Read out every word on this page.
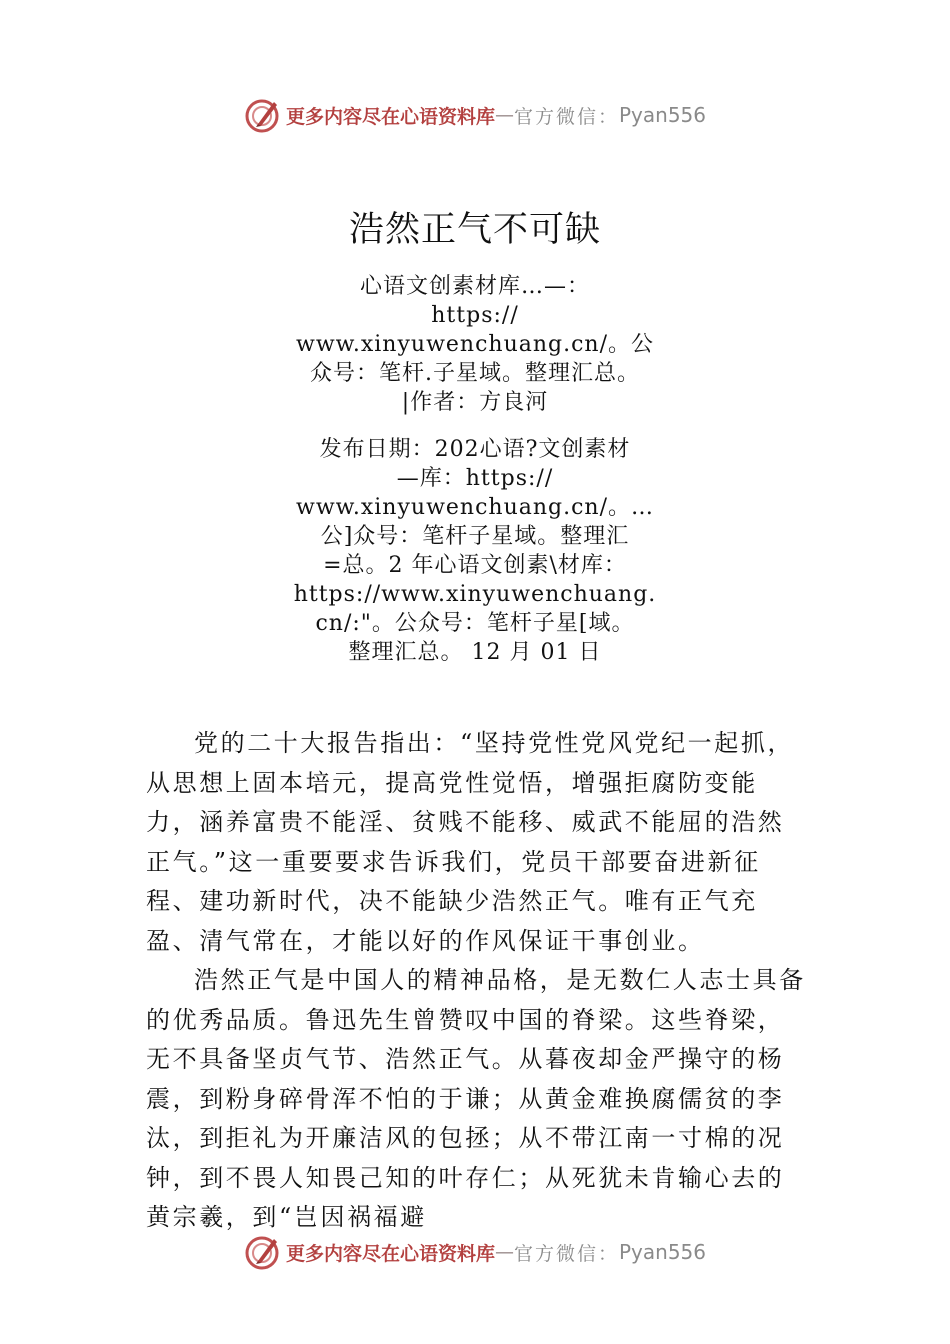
更多内容尽在心语资料库 — 官方微信： Pyan556
浩然正气不可缺
心语文创素材库…—：
https://
www.xinyuwenchuang.cn/。公
众号：笔杆.子星域。整理汇总。
|作者：方良河
发布日期：202心语?文创素材
—库：https://
www.xinyuwenchuang.cn/。…
公]众号：笔杆子星域。整理汇
=总。2 年心语文创素\材库：
https://www.xinyuwenchuang.
cn/:"。公众号：笔杆子星[域。
整理汇总。 12 月 01 日

党的二十大报告指出：“坚持党性党风党纪一起抓，从思想上固本培元，提高党性觉悟，增强拒腐防变能力，涵养富贵不能淫、贫贱不能移、威武不能屈的浩然正气。”这一重要要求告诉我们，党员干部要奋进新征程、建功新时代，决不能缺少浩然正气。唯有正气充盈、清气常在，才能以好的作风保证干事创业。

浩然正气是中国人的精神品格，是无数仁人志士具备的优秀品质。鲁迅先生曾赞叹中国的脊梁。这些脊梁，无不具备坚贞气节、浩然正气。从暮夜却金严操守的杨震，到粉身碎骨浑不怕的于谦；从黄金难换腐儒贫的李汰，到拒礼为开廉洁风的包拯；从不带江南一寸棉的况钟，到不畏人知畏己知的叶存仁；从死犹未肯输心去的黄宗羲，到“岂因祸福避

更多内容尽在心语资料库 — 官方微信： Pyan556
